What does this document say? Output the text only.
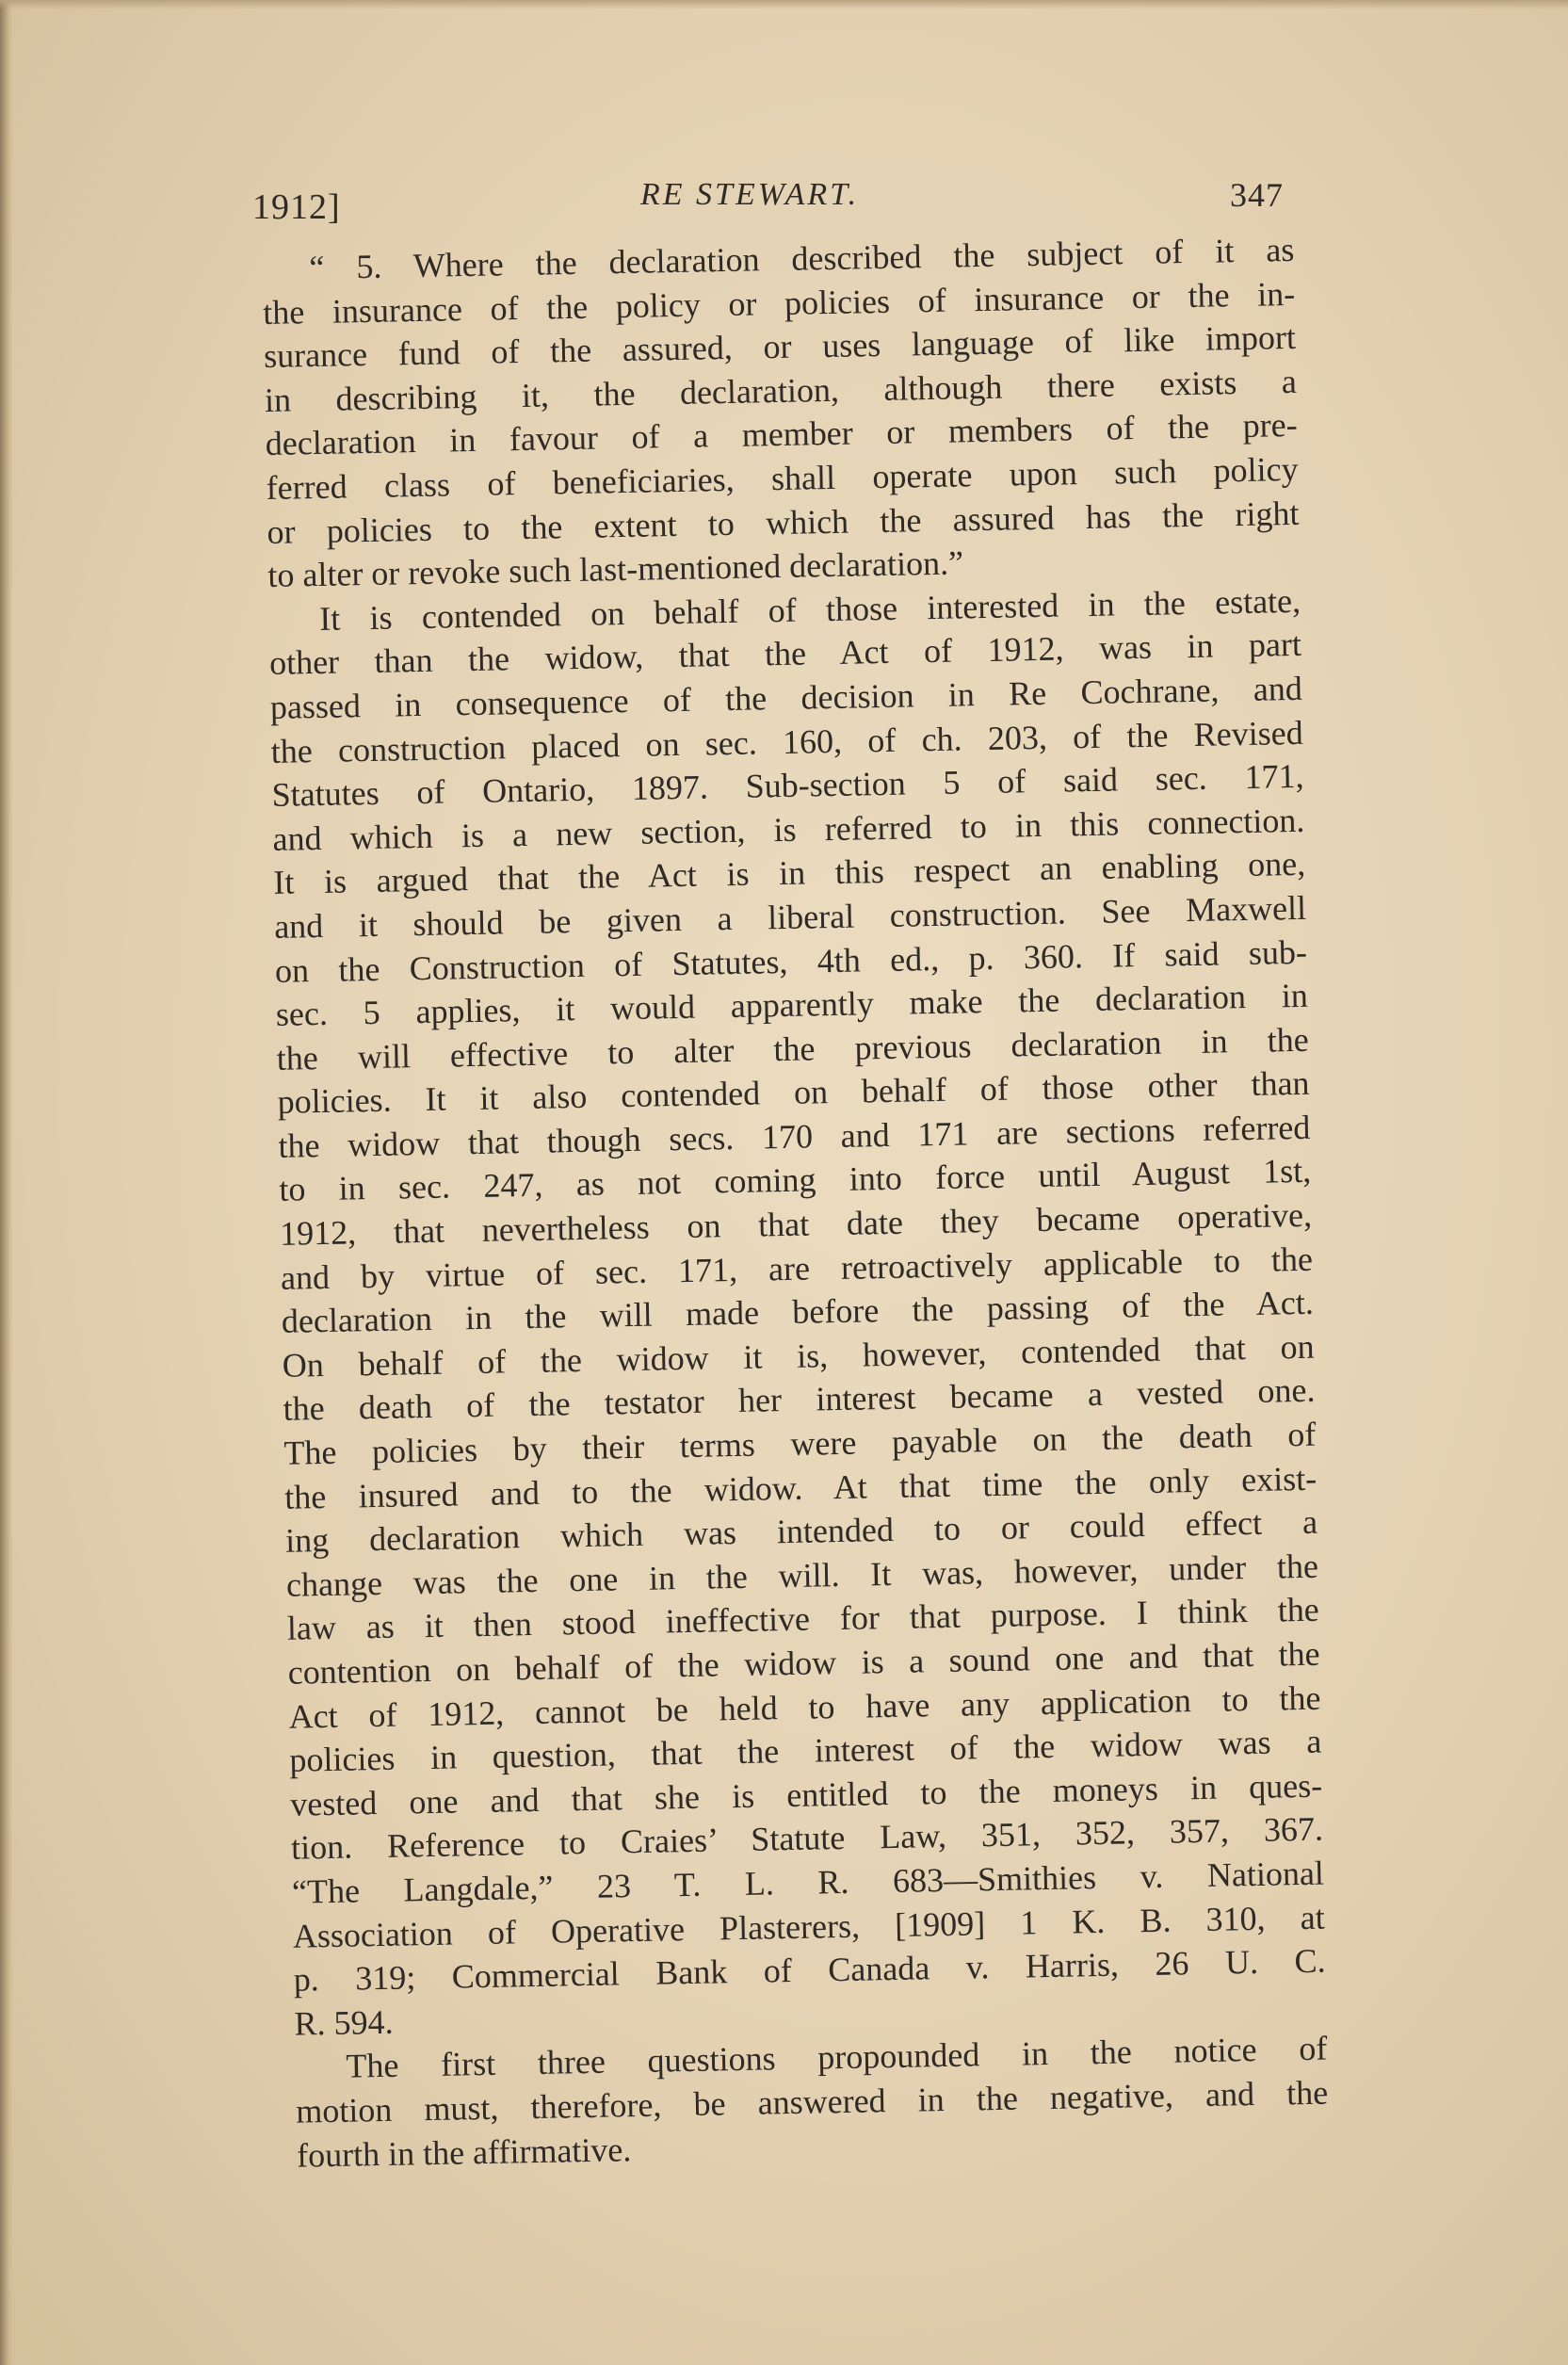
1912]	RE STEWART.	347
“ 5. Where the declaration described the subject of it as
the insurance of the policy or policies of insurance or the in-
surance fund of the assured, or uses language of like import
in describing it, the declaration, although there exists a
declaration in favour of a member or members of the pre-
ferred class of beneficiaries, shall operate upon such policy
or policies to the extent to which the assured has the right
to alter or revoke such last-mentioned declaration.”
It is contended on behalf of those interested in the estate,
other than the widow, that the Act of 1912, was in part
passed in consequence of the decision in Re Cochrane, and
the construction placed on sec. 160, of ch. 203, of the Revised
Statutes of Ontario, 1897. Sub-section 5 of said sec. 171,
and which is a new section, is referred to in this connection.
It is argued that the Act is in this respect an enabling one,
and it should be given a liberal construction. See Maxwell
on the Construction of Statutes, 4th ed., p. 360. If said sub-
sec. 5 applies, it would apparently make the declaration in
the will effective to alter the previous declaration in the
policies. It it also contended on behalf of those other than
the widow that though secs. 170 and 171 are sections referred
to in sec. 247, as not coming into force until August 1st,
1912, that nevertheless on that date they became operative,
and by virtue of sec. 171, are retroactively applicable to the
declaration in the will made before the passing of the Act.
On behalf of the widow it is, however, contended that on
the death of the testator her interest became a vested one.
The policies by their terms were payable on the death of
the insured and to the widow. At that time the only exist-
ing declaration which was intended to or could effect a
change was the one in the will. It was, however, under the
law as it then stood ineffective for that purpose. I think the
contention on behalf of the widow is a sound one and that the
Act of 1912, cannot be held to have any application to the
policies in question, that the interest of the widow was a
vested one and that she is entitled to the moneys in ques-
tion. Reference to Craies’ Statute Law, 351, 352, 357, 367.
“The Langdale,” 23 T. L. R. 683—Smithies v. National
Association of Operative Plasterers, [1909] 1 K. B. 310, at
p. 319; Commercial Bank of Canada v. Harris, 26 U. C.
R. 594.
The first three questions propounded in the notice of
motion must, therefore, be answered in the negative, and the
fourth in the affirmative.
